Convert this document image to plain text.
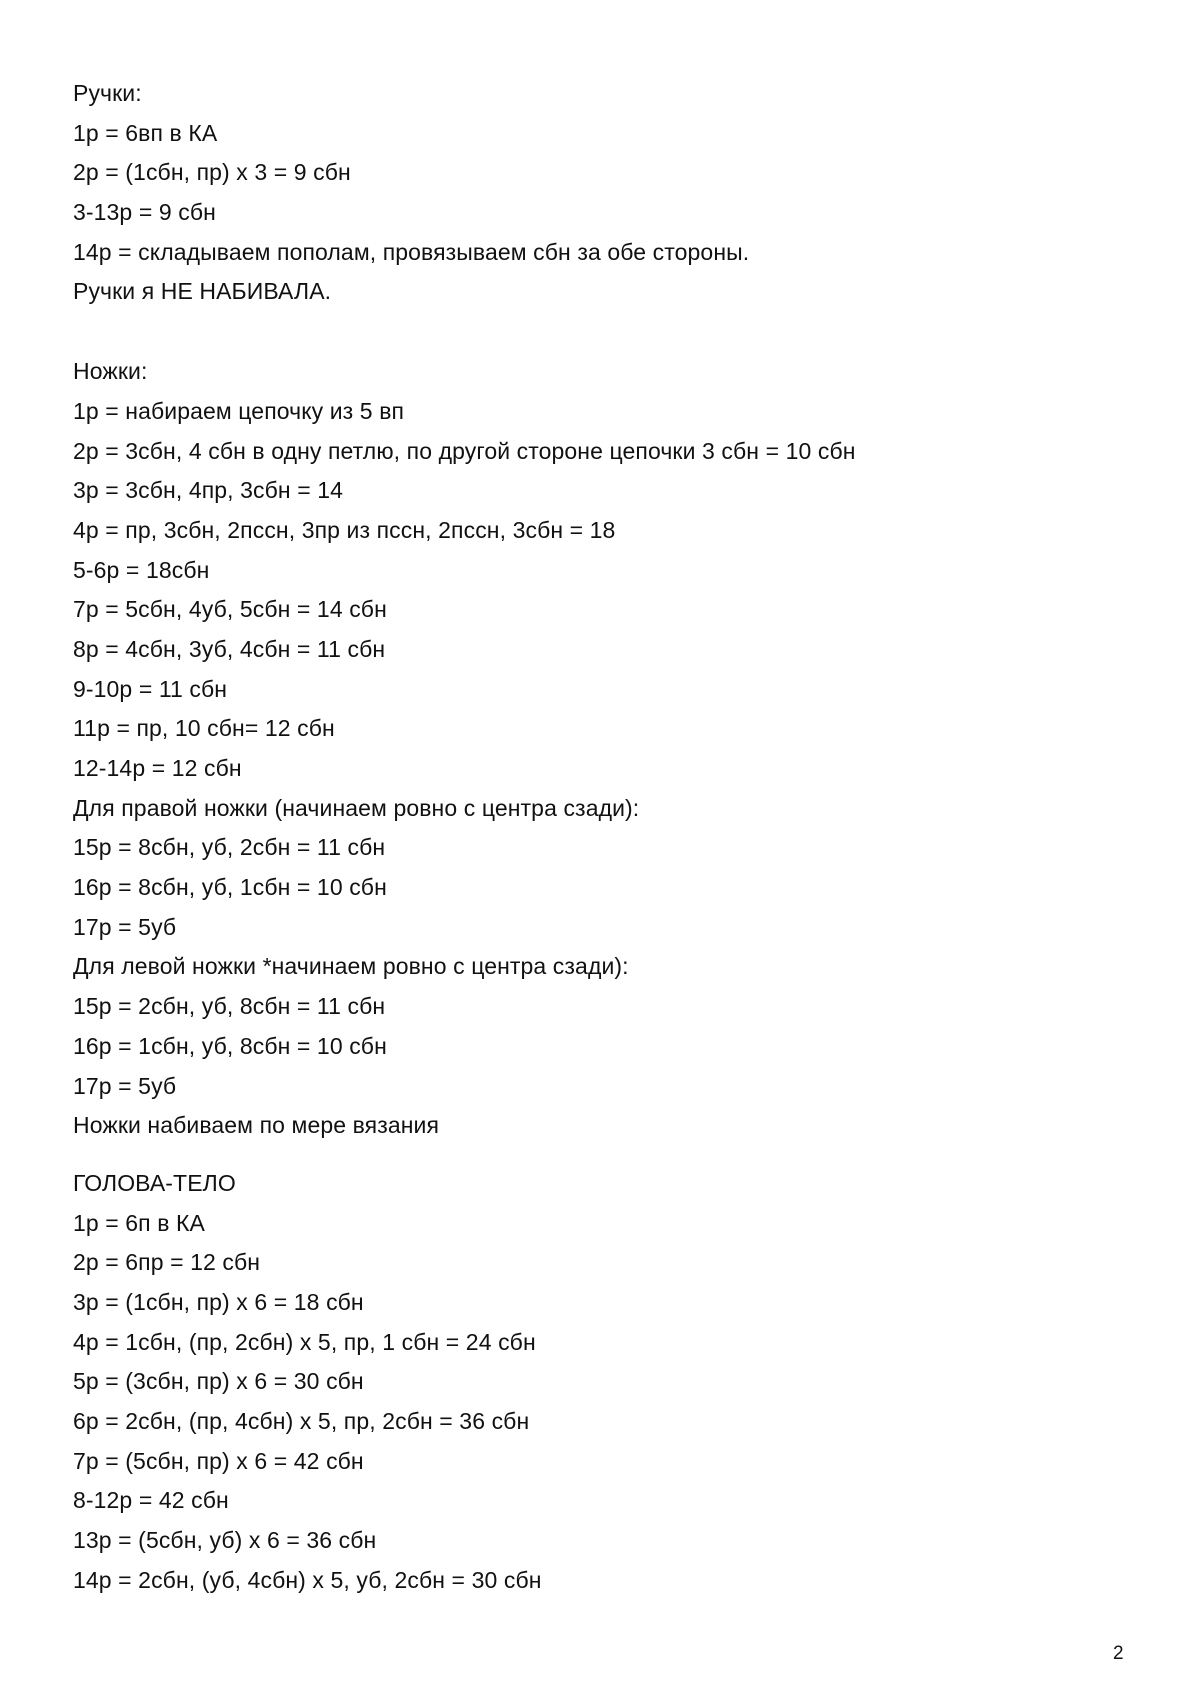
Ручки:
1р = 6вп в КА
2р = (1сбн, пр) х 3 = 9 сбн
3-13р = 9 сбн
14р = складываем пополам, провязываем сбн за обе стороны.
Ручки я НЕ НАБИВАЛА.
Ножки:
1р = набираем цепочку из 5 вп
2р = 3сбн, 4 сбн в одну петлю, по другой стороне цепочки 3 сбн = 10 сбн
3р = 3сбн, 4пр, 3сбн = 14
4р = пр, 3сбн, 2пссн, 3пр из пссн, 2пссн, 3сбн = 18
5-6р = 18сбн
7р = 5сбн, 4уб, 5сбн = 14 сбн
8р = 4сбн, 3уб, 4сбн = 11 сбн
9-10р = 11 сбн
11р = пр, 10 сбн= 12 сбн
12-14р = 12 сбн
Для правой ножки (начинаем ровно с центра сзади):
15р = 8сбн, уб, 2сбн = 11 сбн
16р = 8сбн, уб, 1сбн = 10 сбн
17р = 5уб
Для левой ножки *начинаем ровно с центра сзади):
15р = 2сбн, уб, 8сбн = 11 сбн
16р = 1сбн, уб, 8сбн = 10 сбн
17р = 5уб
Ножки набиваем по мере вязания
ГОЛОВА-ТЕЛО
1р = 6п в КА
2р = 6пр = 12 сбн
3р = (1сбн, пр) х 6 = 18 сбн
4р = 1сбн, (пр, 2сбн) х 5, пр, 1 сбн = 24 сбн
5р = (3сбн, пр) х 6 = 30 сбн
6р = 2сбн, (пр, 4сбн) х 5, пр, 2сбн = 36 сбн
7р = (5сбн, пр) х 6 = 42 сбн
8-12р = 42 сбн
13р = (5сбн, уб) х 6 = 36 сбн
14р = 2сбн, (уб, 4сбн) х 5, уб, 2сбн = 30 сбн
2
